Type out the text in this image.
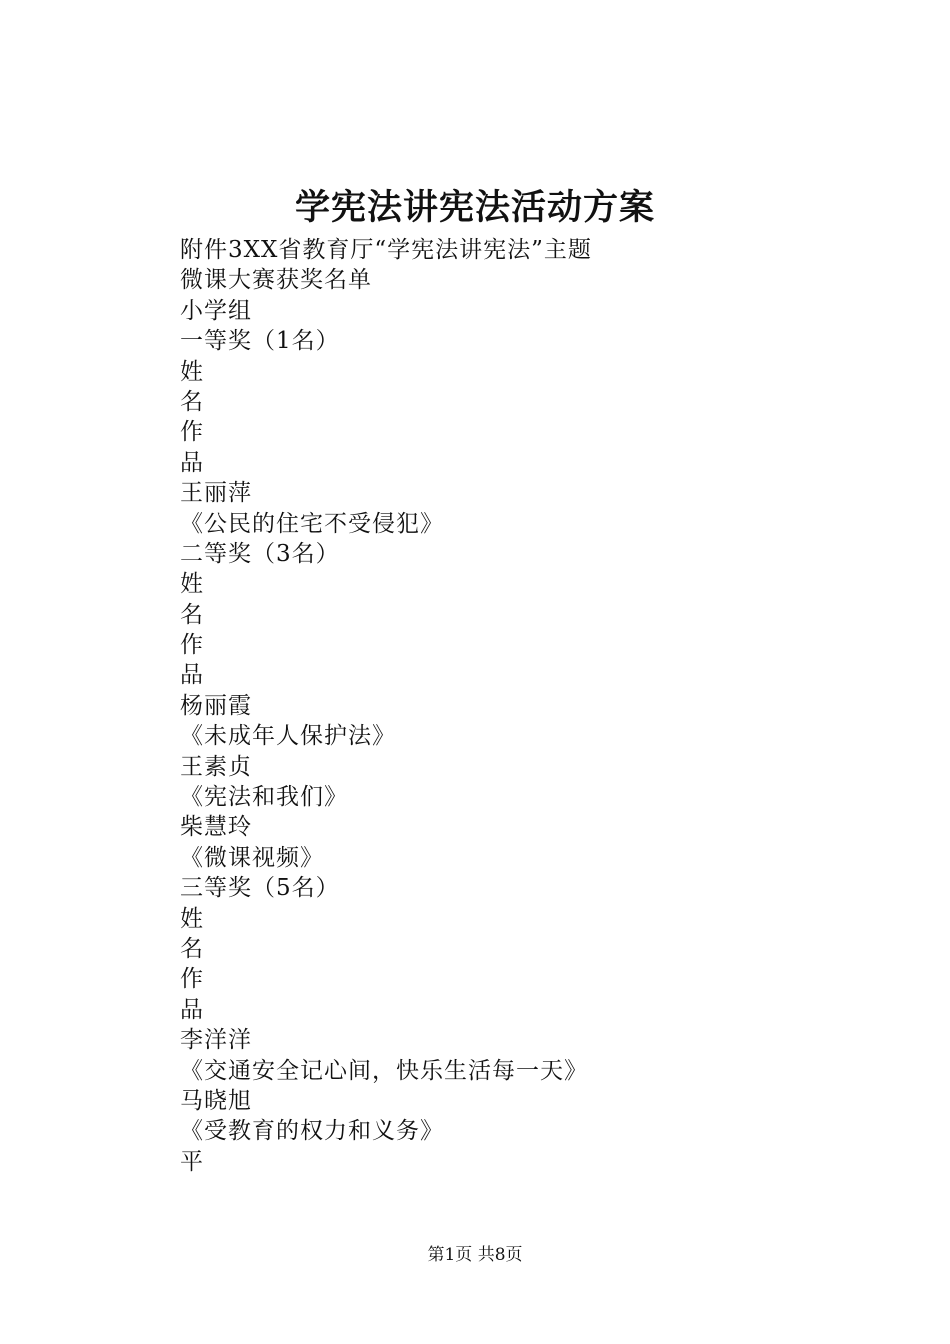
学宪法讲宪法活动方案
附件3XX省教育厅“学宪法讲宪法”主题
微课大赛获奖名单
小学组
一等奖（1名）
姓
名
作
品
王丽萍
《公民的住宅不受侵犯》
二等奖（3名）
姓
名
作
品
杨丽霞
《未成年人保护法》
王素贞
《宪法和我们》
柴慧玲
《微课视频》
三等奖（5名）
姓
名
作
品
李洋洋
《交通安全记心间，快乐生活每一天》
马晓旭
《受教育的权力和义务》
平
第1页 共8页
